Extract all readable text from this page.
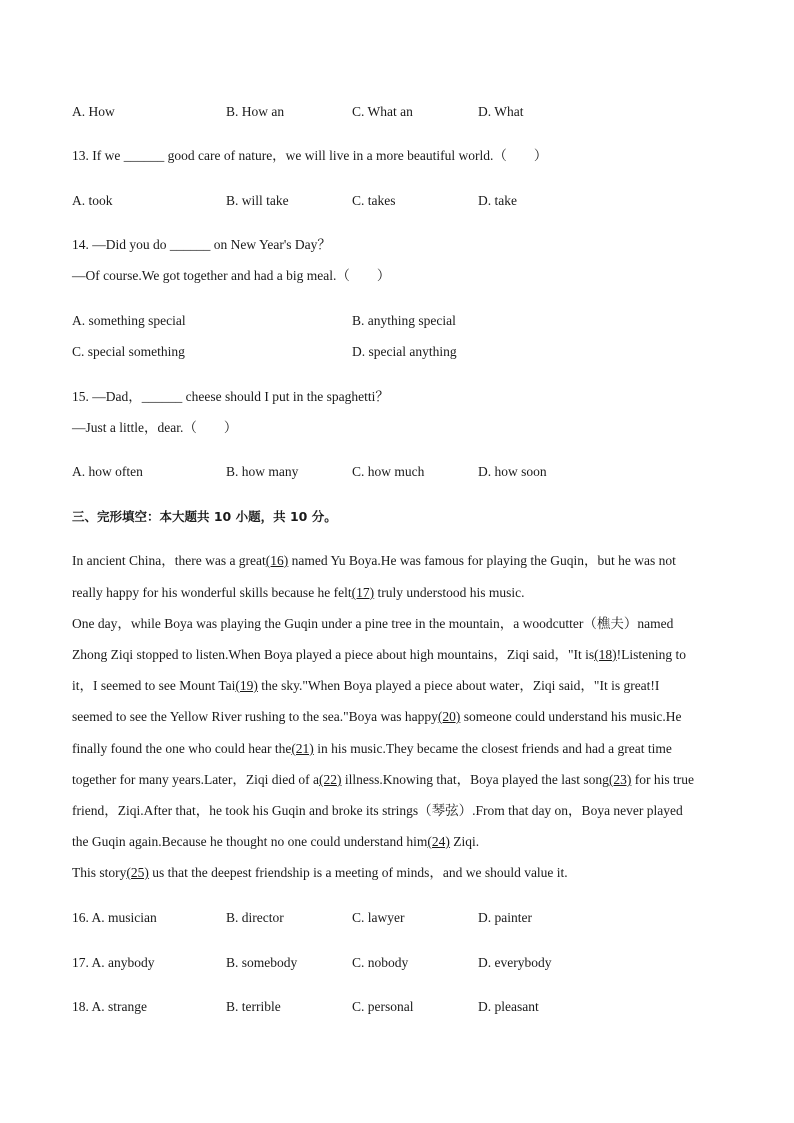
A. How	B. How an	C. What an	D. What
13. If we ______ good care of nature，we will live in a more beautiful world.（　　）
A. took	B. will take	C. takes	D. take
14. —Did you do ______ on New Year's Day？
—Of course.We got together and had a big meal.（　　）
A. something special	B. anything special
C. special something	D. special anything
15. —Dad，______ cheese should I put in the spaghetti？
—Just a little，dear.（　　）
A. how often	B. how many	C. how much	D. how soon
三、完形填空：本大题共 10 小题，共 10 分。
In ancient China，there was a great(16) named Yu Boya.He was famous for playing the Guqin，but he was not
really happy for his wonderful skills because he felt(17) truly understood his music.
One day，while Boya was playing the Guqin under a pine tree in the mountain，a woodcutter（樵夫）named
Zhong Ziqi stopped to listen.When Boya played a piece about high mountains，Ziqi said，"It is(18)!Listening to
it，I seemed to see Mount Tai(19) the sky."When Boya played a piece about water，Ziqi said，"It is great!I
seemed to see the Yellow River rushing to the sea."Boya was happy(20) someone could understand his music.He
finally found the one who could hear the(21) in his music.They became the closest friends and had a great time
together for many years.Later，Ziqi died of a(22) illness.Knowing that，Boya played the last song(23) for his true
friend，Ziqi.After that，he took his Guqin and broke its strings（琴弦）.From that day on，Boya never played
the Guqin again.Because he thought no one could understand him(24) Ziqi.
This story(25) us that the deepest friendship is a meeting of minds，and we should value it.
16. A. musician	B. director	C. lawyer	D. painter
17. A. anybody	B. somebody	C. nobody	D. everybody
18. A. strange	B. terrible	C. personal	D. pleasant
